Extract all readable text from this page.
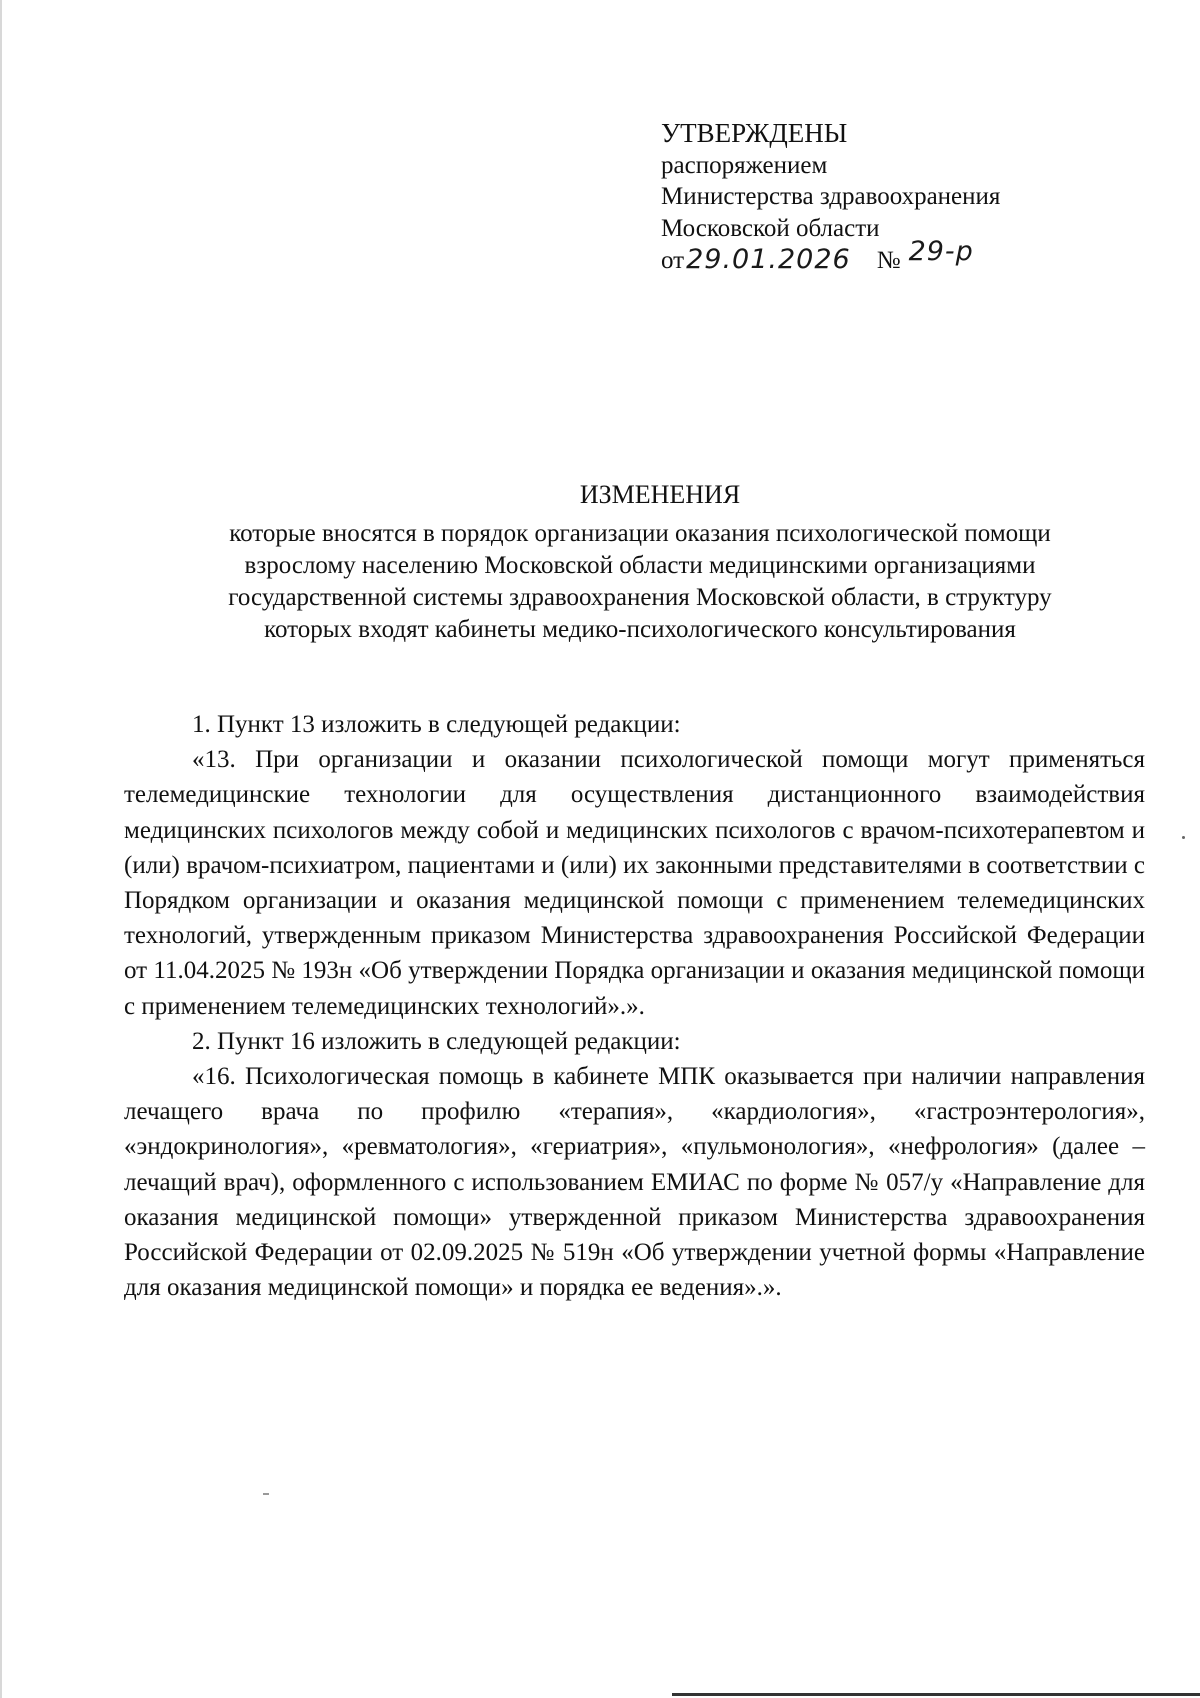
УТВЕРЖДЕНЫ
распоряжением
Министерства здравоохранения
Московской области
от29.01.2026 № 29-р
ИЗМЕНЕНИЯ

которые вносятся в порядок организации оказания психологической помощи
взрослому населению Московской области медицинскими организациями
государственной системы здравоохранения Московской области, в структуру
которых входят кабинеты медико-психологического консультирования

1. Пункт 13 изложить в следующей редакции:

«13. При организации и оказании психологической помощи могут применяться телемедицинские технологии для осуществления дистанционного взаимодействия медицинских психологов между собой и медицинских психологов с врачом-психотерапевтом и (или) врачом-психиатром, пациентами и (или) их законными представителями в соответствии с Порядком организации и оказания медицинской помощи с применением телемедицинских технологий, утвержденным приказом Министерства здравоохранения Российской Федерации от 11.04.2025 № 193н «Об утверждении Порядка организации и оказания медицинской помощи с применением телемедицинских технологий».».

2. Пункт 16 изложить в следующей редакции:

«16. Психологическая помощь в кабинете МПК оказывается при наличии направления лечащего врача по профилю «терапия», «кардиология», «гастроэнтерология», «эндокринология», «ревматология», «гериатрия», «пульмонология», «нефрология» (далее – лечащий врач), оформленного с использованием ЕМИАС по форме № 057/у «Направление для оказания медицинской помощи» утвержденной приказом Министерства здравоохранения Российской Федерации от 02.09.2025 № 519н «Об утверждении учетной формы «Направление для оказания медицинской помощи» и порядка ее ведения».».
